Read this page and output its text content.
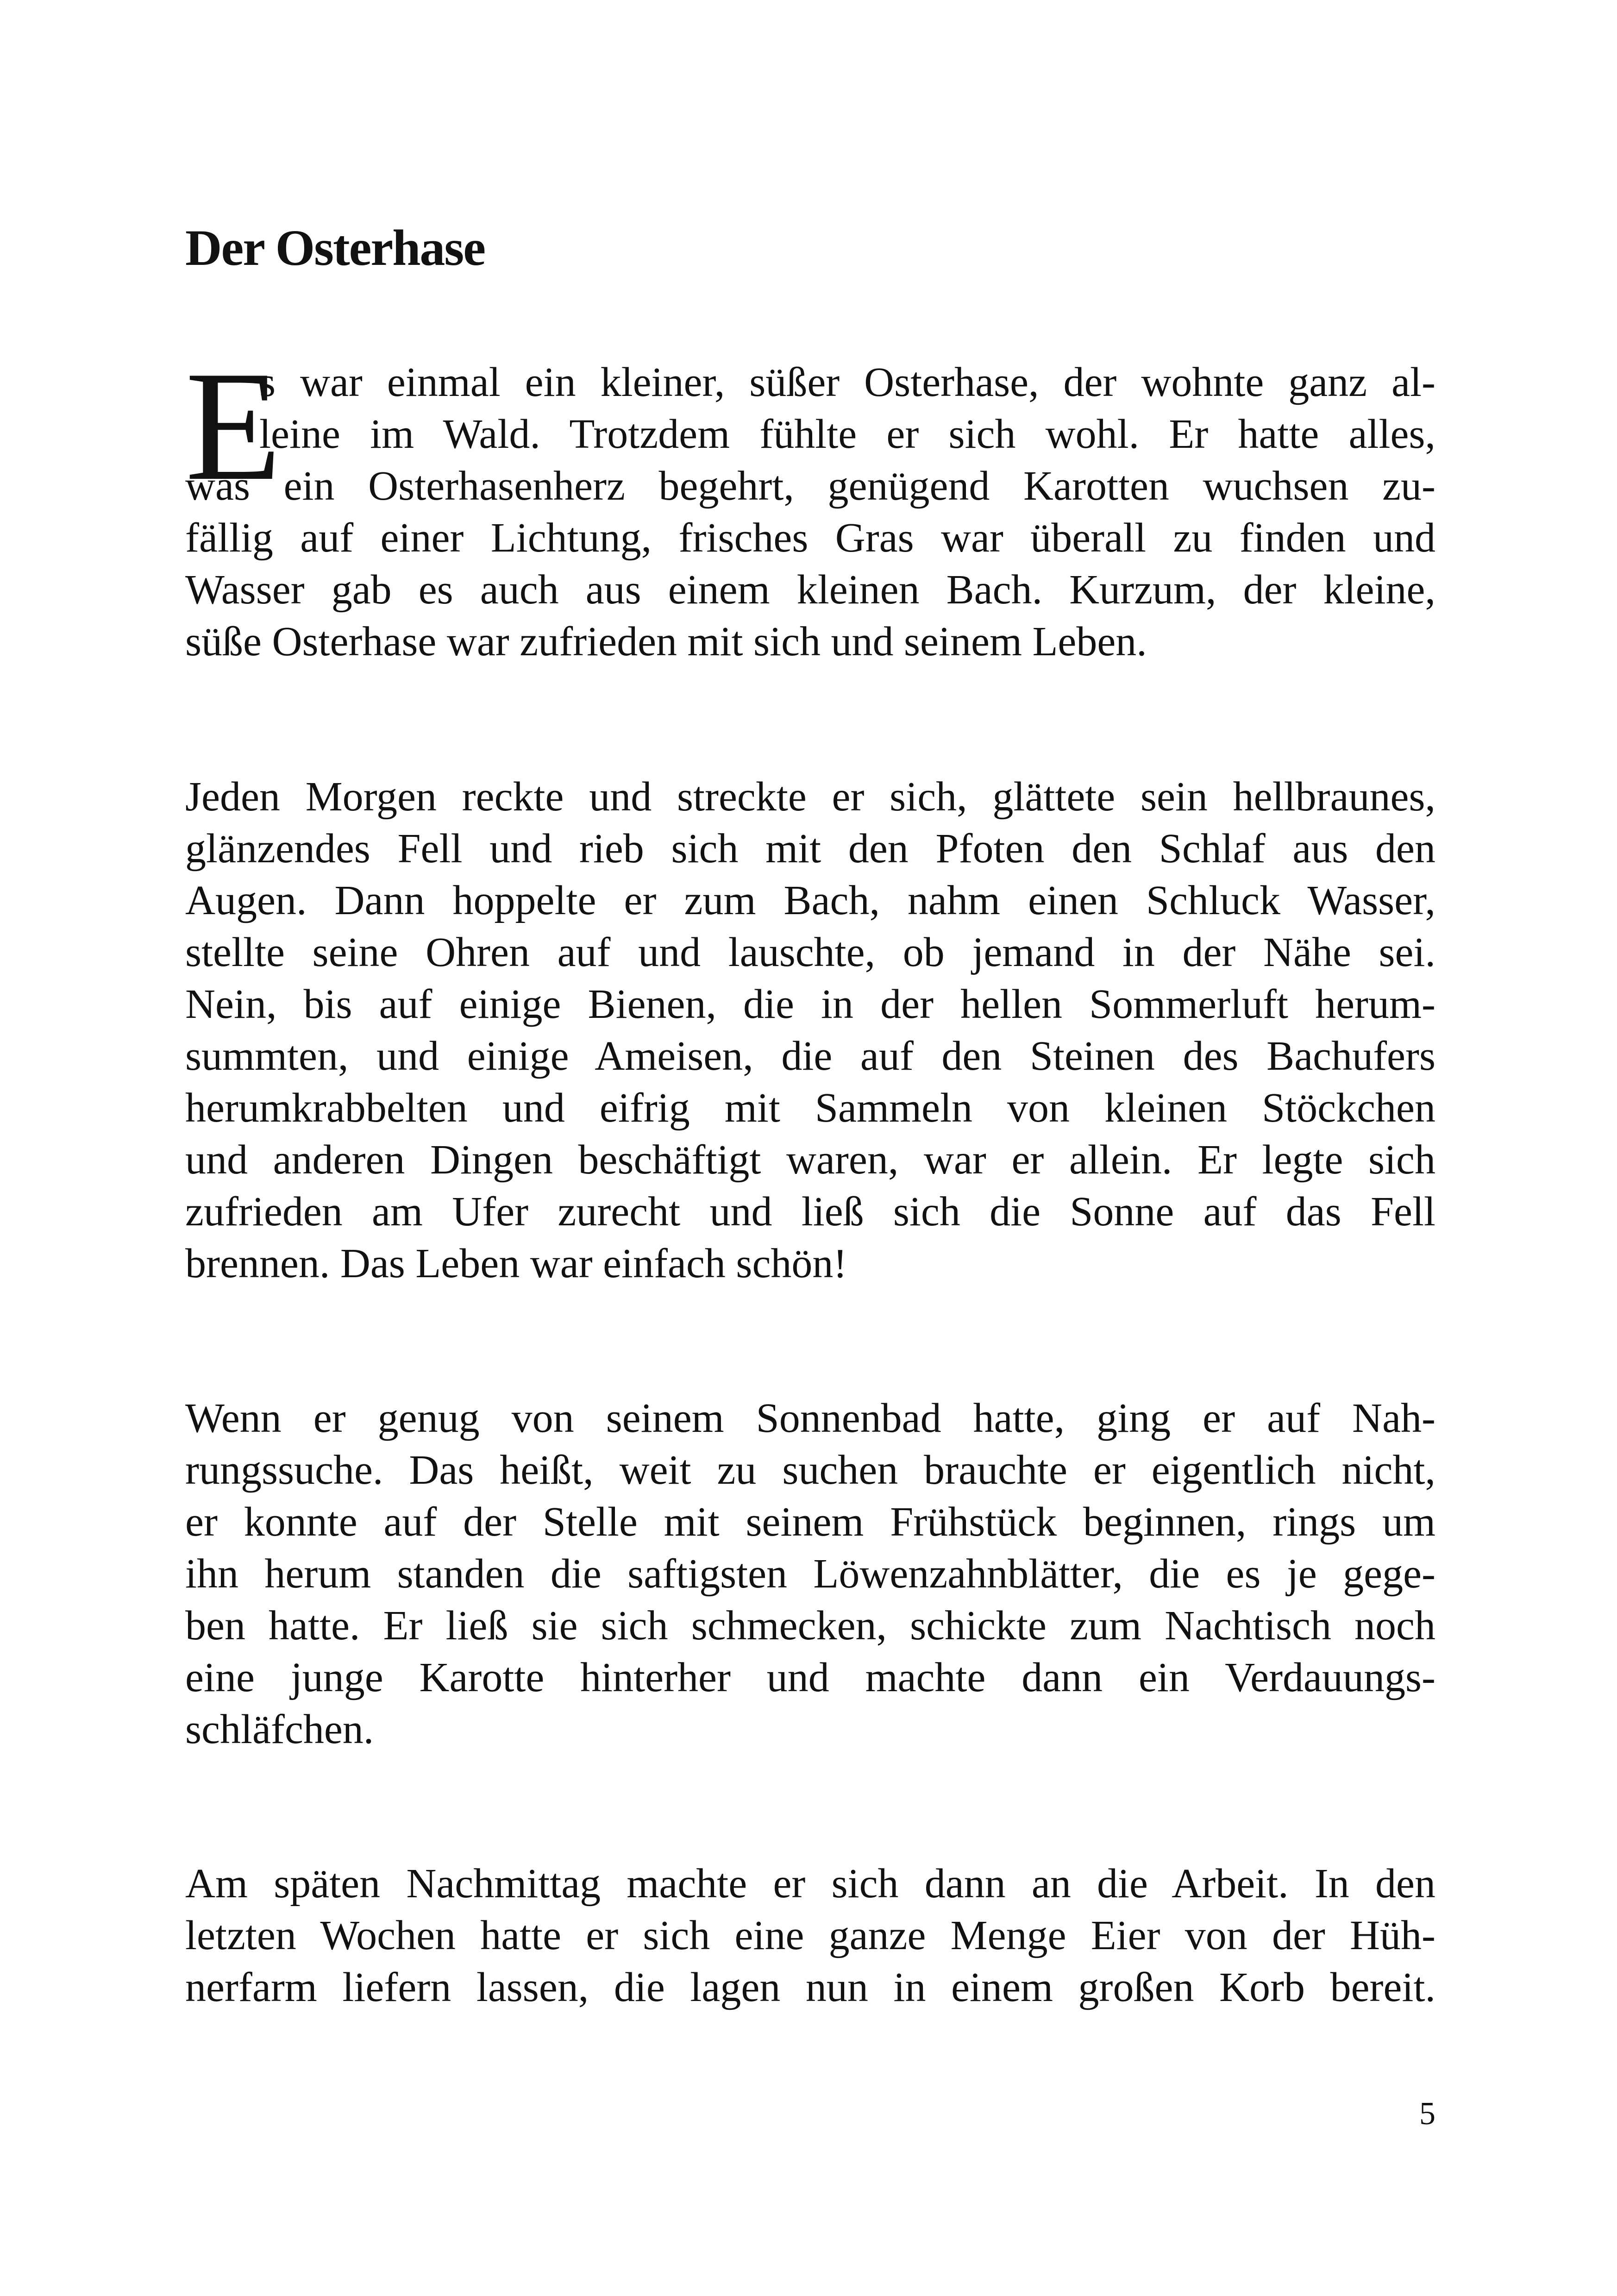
Der Osterhase
E
s war einmal ein kleiner, süßer Osterhase, der wohnte ganz al-
leine im Wald. Trotzdem fühlte er sich wohl. Er hatte alles,
was ein Osterhasenherz begehrt, genügend Karotten wuchsen zu-
fällig auf einer Lichtung, frisches Gras war überall zu finden und
Wasser gab es auch aus einem kleinen Bach. Kurzum, der kleine,
süße Osterhase war zufrieden mit sich und seinem Leben.
Jeden Morgen reckte und streckte er sich, glättete sein hellbraunes,
glänzendes Fell und rieb sich mit den Pfoten den Schlaf aus den
Augen. Dann hoppelte er zum Bach, nahm einen Schluck Wasser,
stellte seine Ohren auf und lauschte, ob jemand in der Nähe sei.
Nein, bis auf einige Bienen, die in der hellen Sommerluft herum-
summten, und einige Ameisen, die auf den Steinen des Bachufers
herumkrabbelten und eifrig mit Sammeln von kleinen Stöckchen
und anderen Dingen beschäftigt waren, war er allein. Er legte sich
zufrieden am Ufer zurecht und ließ sich die Sonne auf das Fell
brennen. Das Leben war einfach schön!
Wenn er genug von seinem Sonnenbad hatte, ging er auf Nah-
rungssuche. Das heißt, weit zu suchen brauchte er eigentlich nicht,
er konnte auf der Stelle mit seinem Frühstück beginnen, rings um
ihn herum standen die saftigsten Löwenzahnblätter, die es je gege-
ben hatte. Er ließ sie sich schmecken, schickte zum Nachtisch noch
eine junge Karotte hinterher und machte dann ein Verdauungs-
schläfchen.
Am späten Nachmittag machte er sich dann an die Arbeit. In den
letzten Wochen hatte er sich eine ganze Menge Eier von der Hüh-
nerfarm liefern lassen, die lagen nun in einem großen Korb bereit.
5
